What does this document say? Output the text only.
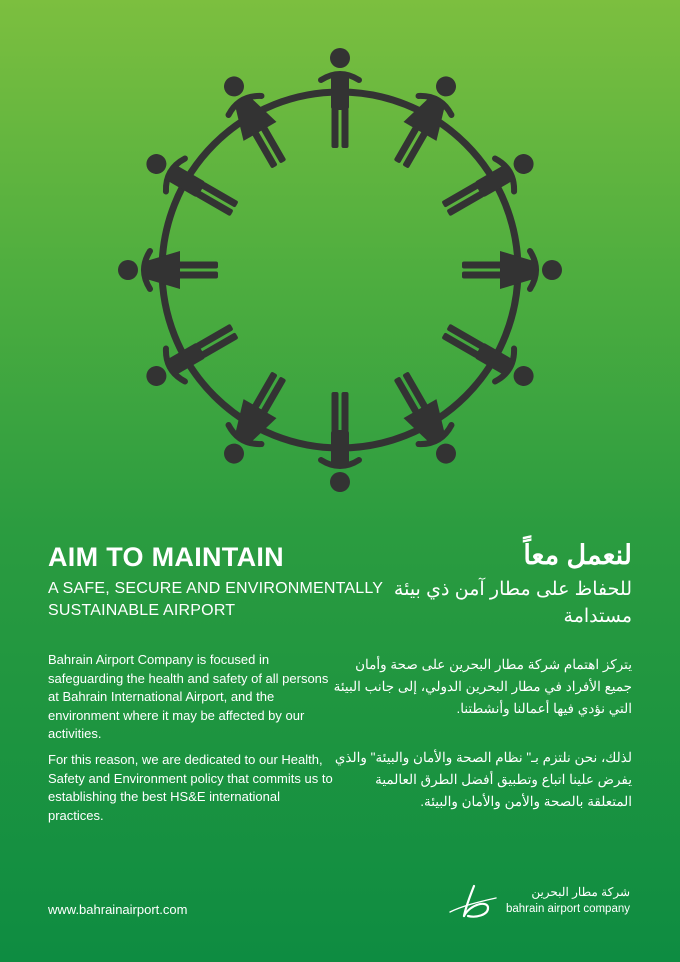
AIM TO MAINTAIN
A SAFE, SECURE AND ENVIRONMENTALLY SUSTAINABLE AIRPORT
Bahrain Airport Company is focused in safeguarding the health and safety of all persons at Bahrain International Airport, and the environment where it may be affected by our activities.
For this reason, we are dedicated to our Health, Safety and Environment policy that commits us to establishing the best HS&E international practices.
لنعمل معاً
للحفاظ على مطار آمن ذي بيئة مستدامة
يتركز اهتمام شركة مطار البحرين على صحة وأمان جميع الأفراد في مطار البحرين الدولي، إلى جانب البيئة التي نؤدي فيها أعمالنا وأنشطتنا.
لذلك، نحن نلتزم بـ" نظام الصحة والأمان والبيئة" والذي يفرض علينا اتباع وتطبيق أفضل الطرق العالمية المتعلقة بالصحة والأمن والأمان والبيئة.
www.bahrainairport.com
شركة مطار البحرين
bahrain airport company
